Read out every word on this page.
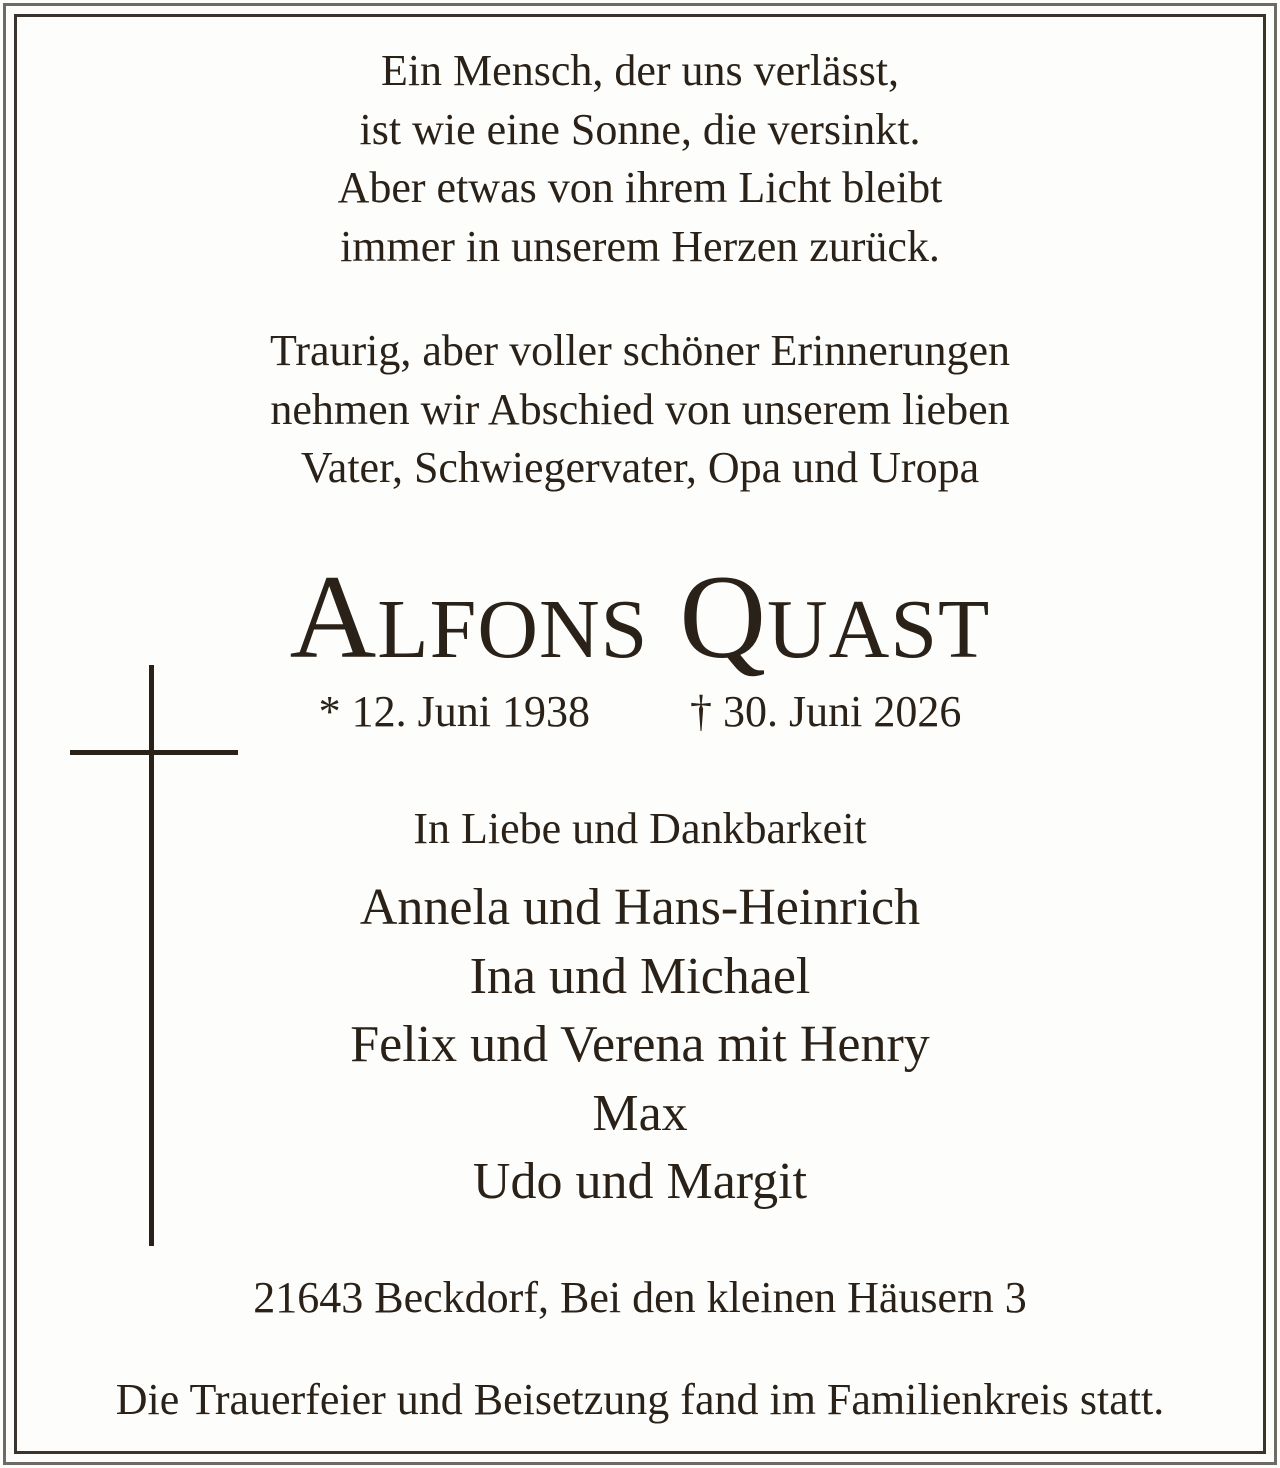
Ein Mensch, der uns verlässt,
ist wie eine Sonne, die versinkt.
Aber etwas von ihrem Licht bleibt
immer in unserem Herzen zurück.
Traurig, aber voller schöner Erinnerungen
nehmen wir Abschied von unserem lieben
Vater, Schwiegervater, Opa und Uropa
Alfons Quast
* 12. Juni 1938 † 30. Juni 2026
In Liebe und Dankbarkeit
Annela und Hans-Heinrich
Ina und Michael
Felix und Verena mit Henry
Max
Udo und Margit
21643 Beckdorf, Bei den kleinen Häusern 3
Die Trauerfeier und Beisetzung fand im Familienkreis statt.
